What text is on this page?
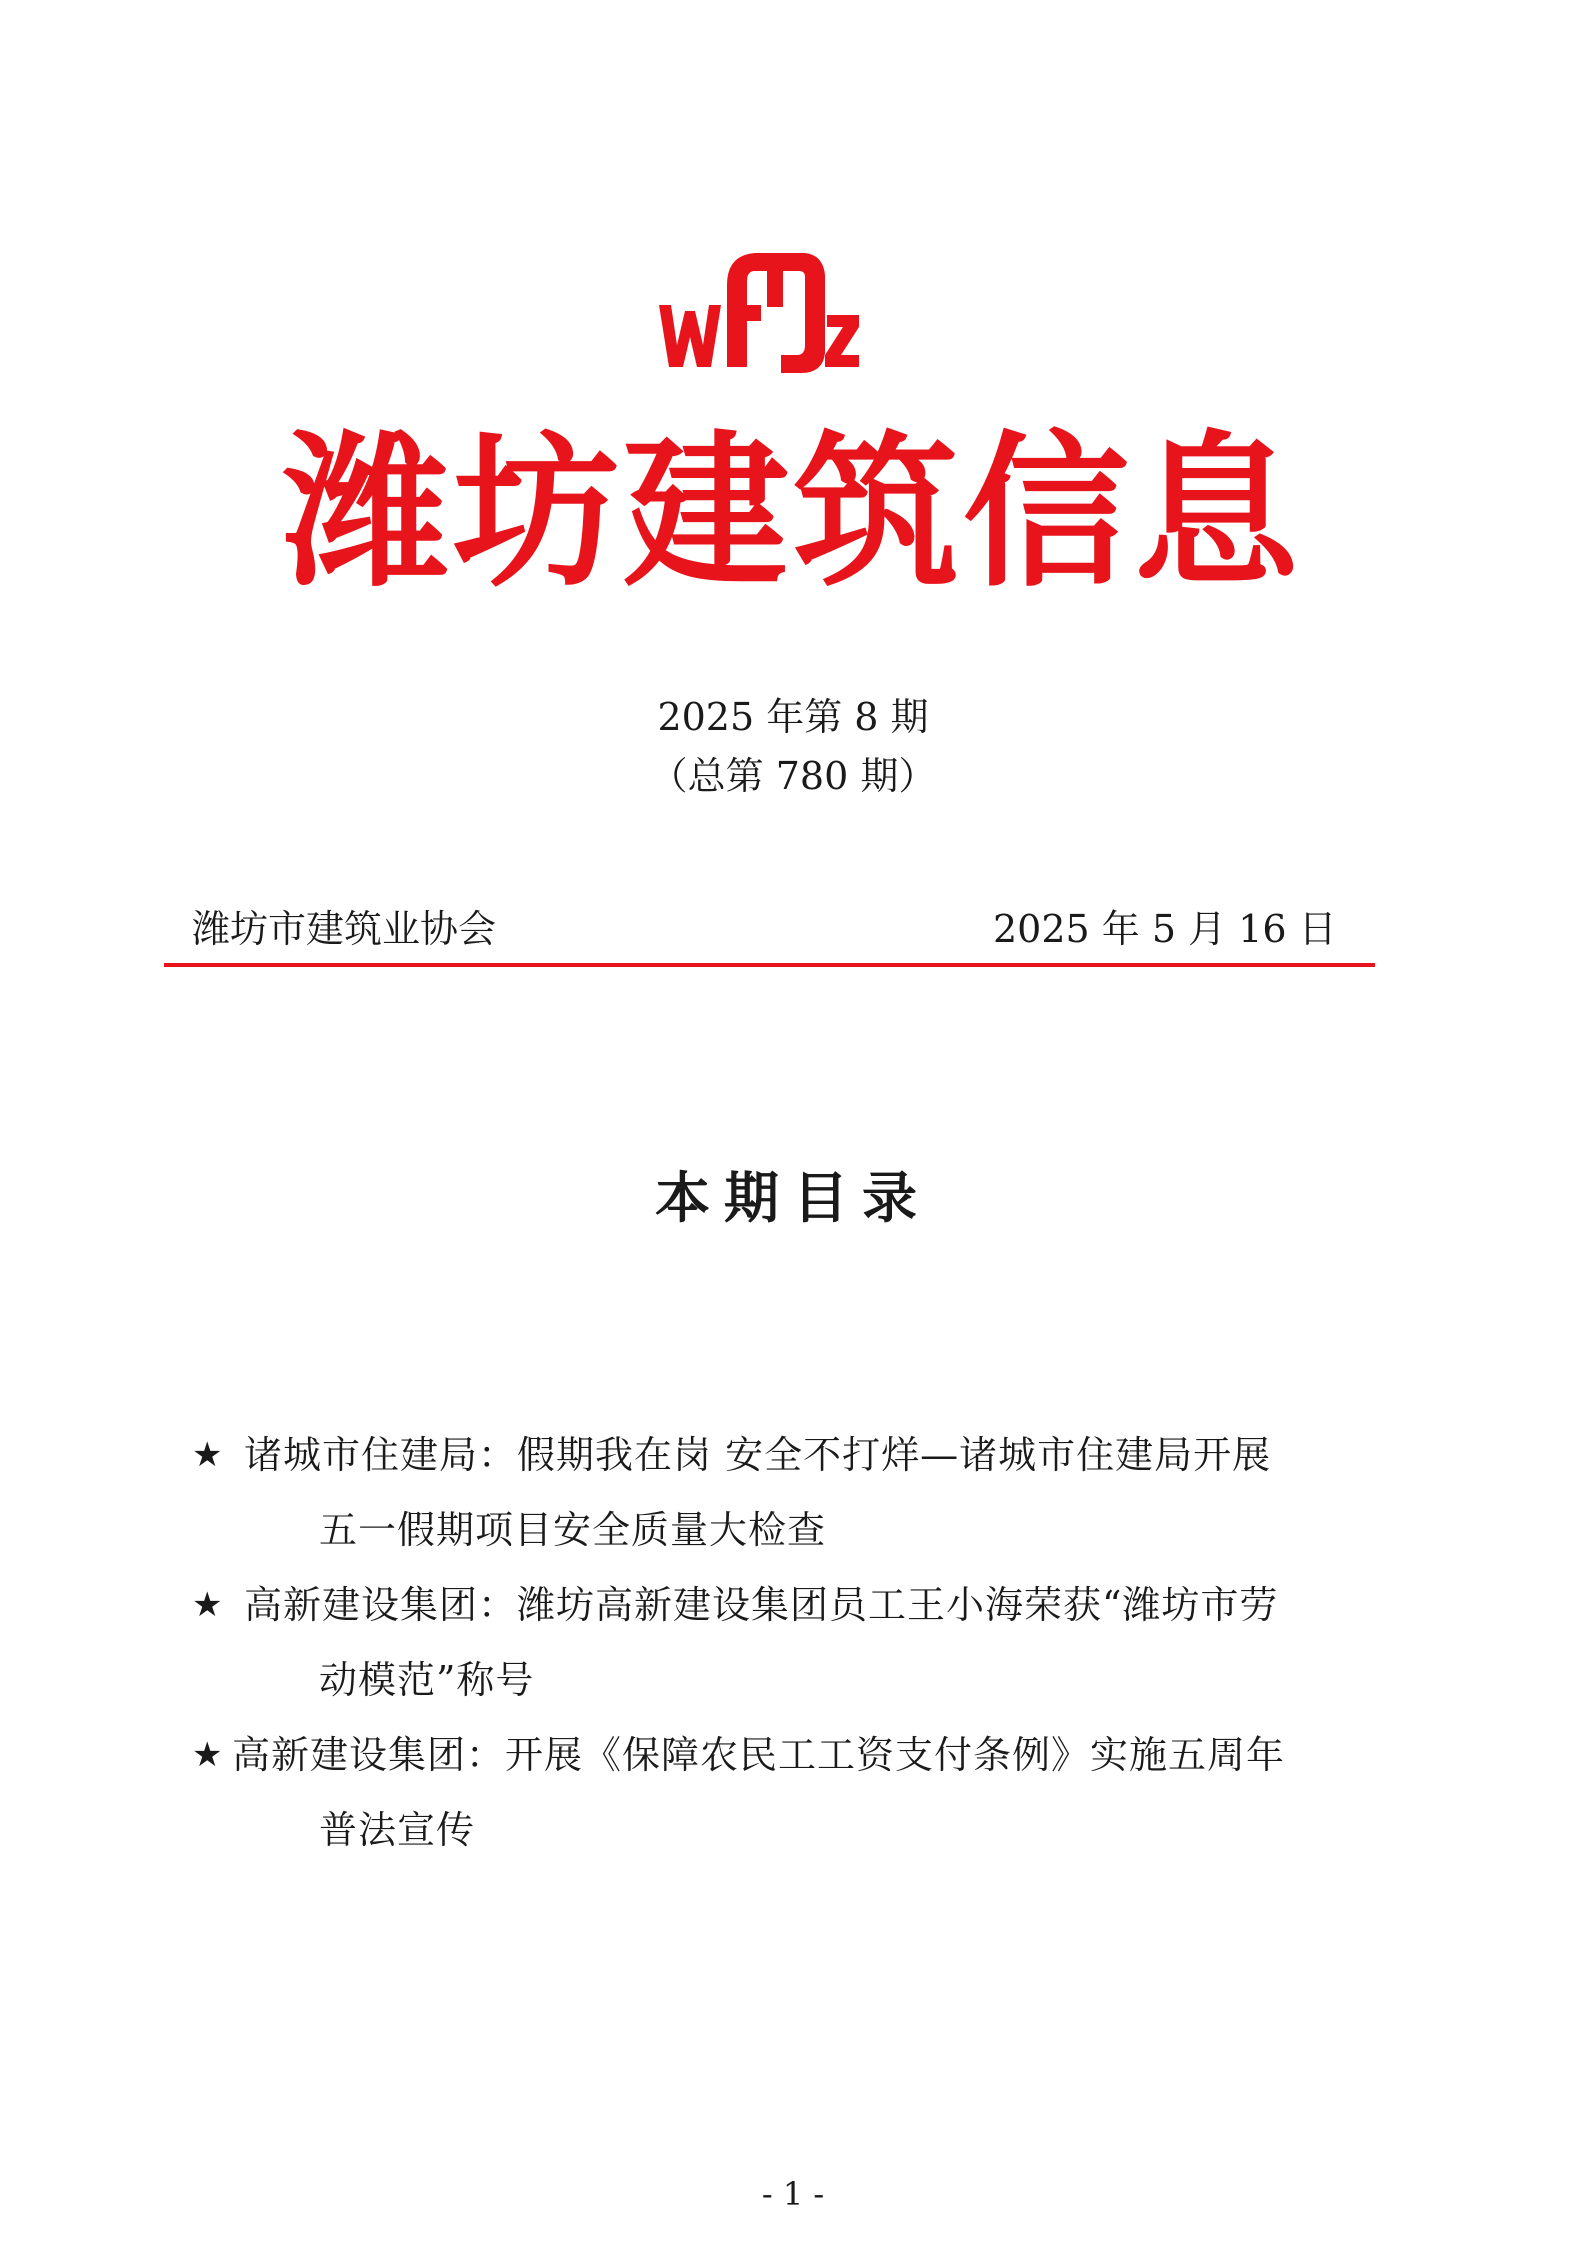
潍坊建筑信息
2025 年第 8 期
（总第 780 期）
潍坊市建筑业协会	2025 年 5 月 16 日
本期目录
★ 诸城市住建局：假期我在岗 安全不打烊—诸城市住建局开展
五一假期项目安全质量大检查
★ 高新建设集团：潍坊高新建设集团员工王小海荣获“潍坊市劳
动模范”称号
★ 高新建设集团：开展《保障农民工工资支付条例》实施五周年
普法宣传
- 1 -
